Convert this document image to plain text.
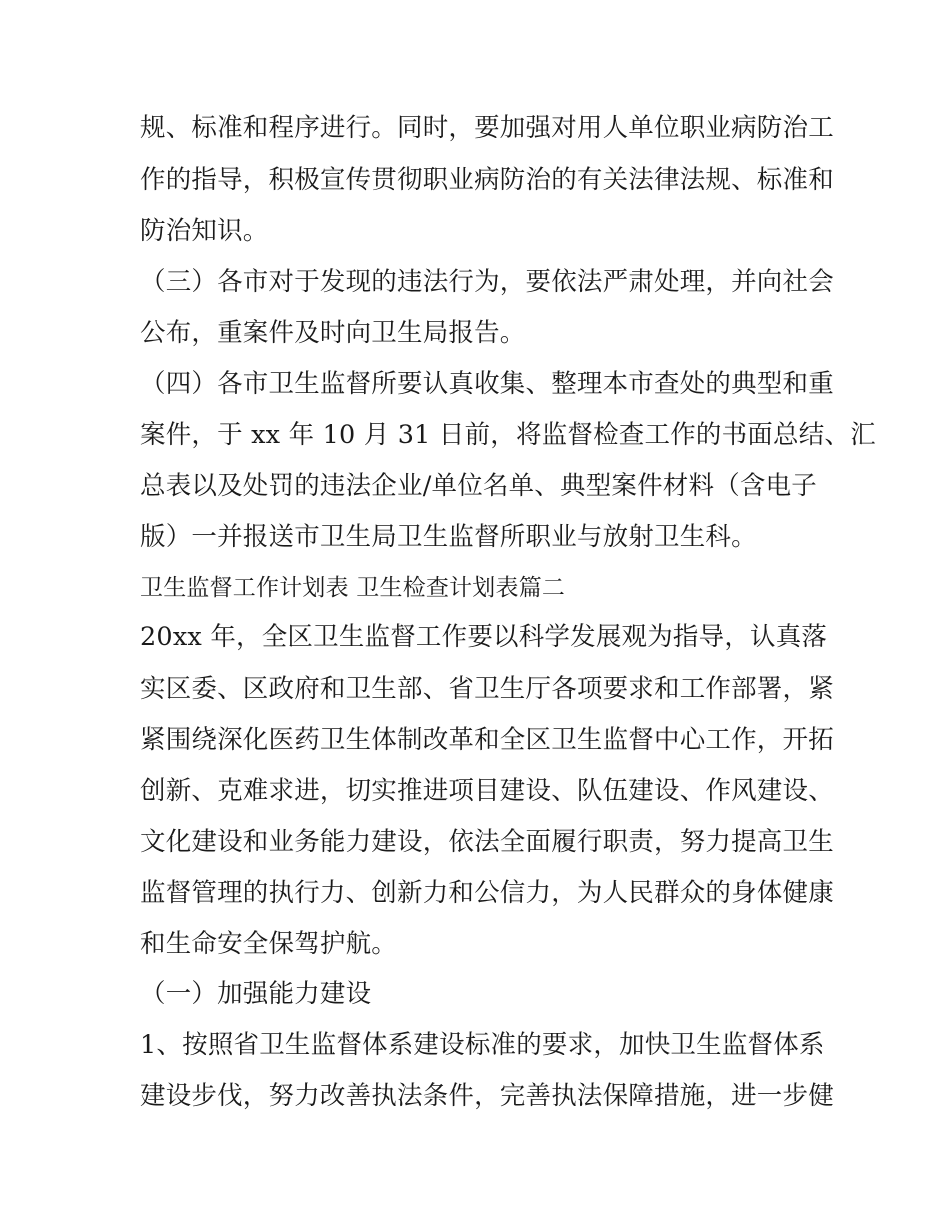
规、标准和程序进行。同时，要加强对用人单位职业病防治工
作的指导，积极宣传贯彻职业病防治的有关法律法规、标准和
防治知识。
（三）各市对于发现的违法行为，要依法严肃处理，并向社会
公布，重案件及时向卫生局报告。
（四）各市卫生监督所要认真收集、整理本市查处的典型和重
案件，于 xx 年 10 月 31 日前，将监督检查工作的书面总结、汇
总表以及处罚的违法企业/单位名单、典型案件材料（含电子
版）一并报送市卫生局卫生监督所职业与放射卫生科。
卫生监督工作计划表 卫生检查计划表篇二
20xx 年，全区卫生监督工作要以科学发展观为指导，认真落
实区委、区政府和卫生部、省卫生厅各项要求和工作部署，紧
紧围绕深化医药卫生体制改革和全区卫生监督中心工作，开拓
创新、克难求进，切实推进项目建设、队伍建设、作风建设、
文化建设和业务能力建设，依法全面履行职责，努力提高卫生
监督管理的执行力、创新力和公信力，为人民群众的身体健康
和生命安全保驾护航。
（一）加强能力建设
1、按照省卫生监督体系建设标准的要求，加快卫生监督体系
建设步伐，努力改善执法条件，完善执法保障措施，进一步健
